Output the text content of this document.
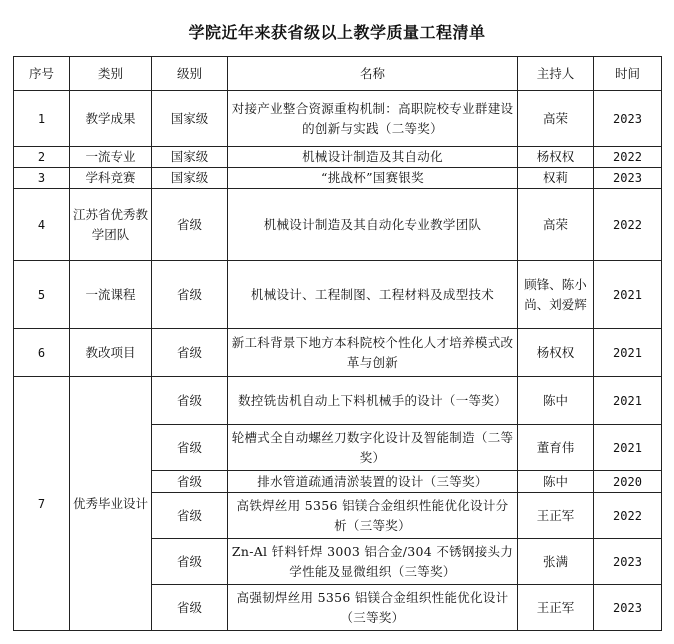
学院近年来获省级以上教学质量工程清单
序号	类别	级别	名称	主持人	时间
1	教学成果	国家级	对接产业整合资源重构机制：高职院校专业群建设的创新与实践（二等奖）	高荣	2023
2	一流专业	国家级	机械设计制造及其自动化	杨权权	2022
3	学科竞赛	国家级	“挑战杯”国赛银奖	权莉	2023
4	江苏省优秀教学团队	省级	机械设计制造及其自动化专业教学团队	高荣	2022
5	一流课程	省级	机械设计、工程制图、工程材料及成型技术	顾锋、陈小尚、刘爱辉	2021
6	教改项目	省级	新工科背景下地方本科院校个性化人才培养模式改革与创新	杨权权	2021
7	优秀毕业设计	省级	数控铣齿机自动上下料机械手的设计（一等奖）	陈中	2021
		省级	轮槽式全自动螺丝刀数字化设计及智能制造（二等奖）	董育伟	2021
		省级	排水管道疏通清淤装置的设计（三等奖）	陈中	2020
		省级	高铁焊丝用 5356 铝镁合金组织性能优化设计分析（三等奖）	王正军	2022
		省级	Zn-Al 钎料钎焊 3003 铝合金/304 不锈钢接头力学性能及显微组织（三等奖）	张满	2023
		省级	高强韧焊丝用 5356 铝镁合金组织性能优化设计（三等奖）	王正军	2023
